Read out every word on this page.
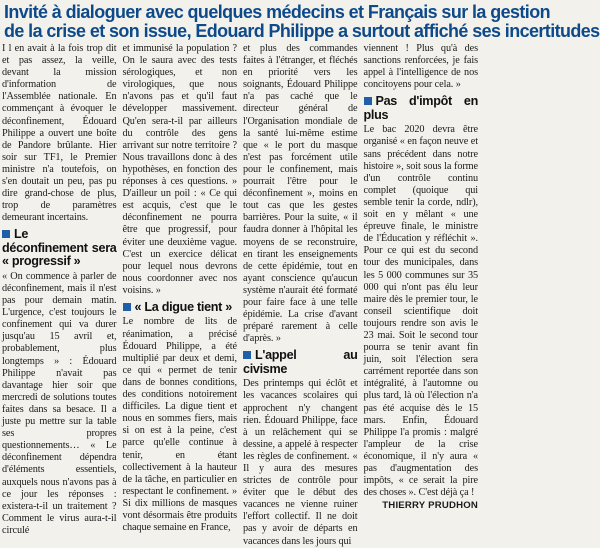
Invité à dialoguer avec quelques médecins et Français sur la gestion
de la crise et son issue, Edouard Philippe a surtout affiché ses incertitudes

I l en avait à la fois trop dit et pas assez, la veille, devant la mission d'information de l'Assemblée nationale. En commençant à évoquer le déconfinement, Édouard Philippe a ouvert une boîte de Pandore brûlante. Hier soir sur TF1, le Premier ministre n'a toutefois, on s'en doutait un peu, pas pu dire grand-chose de plus, trop de paramètres demeurant incertains.

Le déconfinement sera « progressif »

« On commence à parler de déconfinement, mais il n'est pas pour demain matin. L'urgence, c'est toujours le confinement qui va durer jusqu'au 15 avril et, probablement, plus longtemps » : Édouard Philippe n'avait pas davantage hier soir que mercredi de solutions toutes faites dans sa besace. Il a juste pu mettre sur la table ses propres questionnements… « Le déconfinement dépendra d'éléments essentiels, auxquels nous n'avons pas à ce jour les réponses : existera-t-il un traitement ? Comment le virus aura-t-il circulé

et immunisé la population ? On le saura avec des tests sérologiques, et non virologiques, que nous n'avons pas et qu'il faut développer massivement. Qu'en sera-t-il par ailleurs du contrôle des gens arrivant sur notre territoire ? Nous travaillons donc à des hypothèses, en fonction des réponses à ces questions. » D'ailleur un poil : « Ce qui est acquis, c'est que le déconfinement ne pourra être que progressif, pour éviter une deuxième vague. C'est un exercice délicat pour lequel nous devrons nous coordonner avec nos voisins. »

« La digue tient »

Le nombre de lits de réanimation, a précisé Édouard Philippe, a été multiplié par deux et demi, ce qui « permet de tenir dans de bonnes conditions, des conditions notoirement difficiles. La digue tient et nous en sommes fiers, mais si on est à la peine, c'est parce qu'elle continue à tenir, en étant collectivement à la hauteur de la tâche, en particulier en respectant le confinement. » Si dix millions de masques vont désormais être produits chaque semaine en France,

et plus des commandes faites à l'étranger, et fléchés en priorité vers les soignants, Édouard Philippe n'a pas caché que le directeur général de l'Organisation mondiale de la santé lui-même estime que « le port du masque n'est pas forcément utile pour le confinement, mais pourrait l'être pour le déconfinement », moins en tout cas que les gestes barrières. Pour la suite, « il faudra donner à l'hôpital les moyens de se reconstruire, en tirant les enseignements de cette épidémie, tout en ayant conscience qu'aucun système n'aurait été formaté pour faire face à une telle épidémie. La crise d'avant préparé rarement à celle d'après. »

L'appel au civisme

Des printemps qui éclôt et les vacances scolaires qui approchent n'y changent rien. Édouard Philippe, face à un relâchement qui se dessine, a appelé à respecter les règles de confinement. « Il y aura des mesures strictes de contrôle pour éviter que le début des vacances ne vienne ruiner l'effort collectif. Il ne doit pas y avoir de départs en vacances dans les jours qui

viennent ! Plus qu'à des sanctions renforcées, je fais appel à l'intelligence de nos concitoyens pour cela. »

Pas d'impôt en plus

Le bac 2020 devra être organisé « en façon neuve et sans précédent dans notre histoire », soit sous la forme d'un contrôle continu complet (quoique qui semble tenir la corde, ndlr), soit en y mêlant « une épreuve finale, le ministre de l'Éducation y réfléchit ». Pour ce qui est du second tour des municipales, dans les 5 000 communes sur 35 000 qui n'ont pas élu leur maire dès le premier tour, le conseil scientifique doit toujours rendre son avis le 23 mai. Soit le second tour pourra se tenir avant fin juin, soit l'élection sera carrément reportée dans son intégralité, à l'automne ou plus tard, là où l'élection n'a pas été acquise dès le 15 mars. Enfin, Édouard Philippe l'a promis : malgré l'ampleur de la crise économique, il n'y aura « pas d'augmentation des impôts, « ce serait la pire des choses ». C'est déjà ça !

THIERRY PRUDHON
